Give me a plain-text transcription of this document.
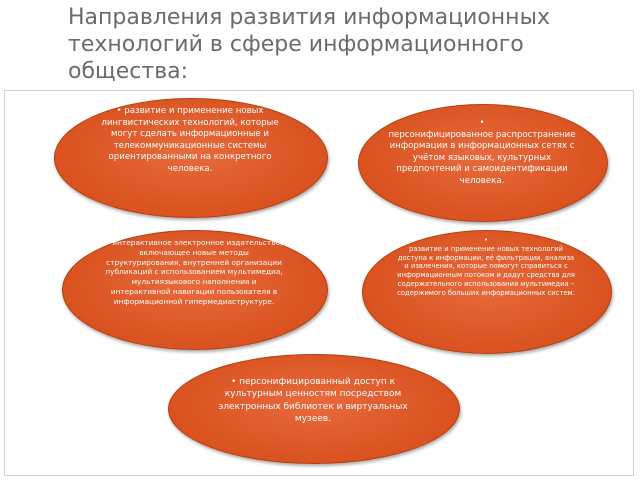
Направления развития информационных технологий в сфере информационного общества:
• развитие и применение новых лингвистических технологий, которые могут сделать информационные и телекоммуникационные системы ориентированными на конкретного человека.
•
персонифицированное распространение информации в информационных сетях с учётом языковых, культурных предпочтений и самоидентификации человека.
• интерактивное электронное издательство, включающее новые методы структурирования, внутренней организации публикаций с использованием мультимедиа, мультиязыкового наполнения и интерактивной навигации пользователя в информационной гипермедиаструктуре.
•
развитие и применение новых технологий доступа к информации, её фильтрации, анализа и извлечения, которые помогут справиться с информационным потоком и дадут средства для содержательного использования мультимедиа – содержимого больших информационных систем.
• персонифицированный доступ к культурным ценностям посредством электронных библиотек и виртуальных музеев.
